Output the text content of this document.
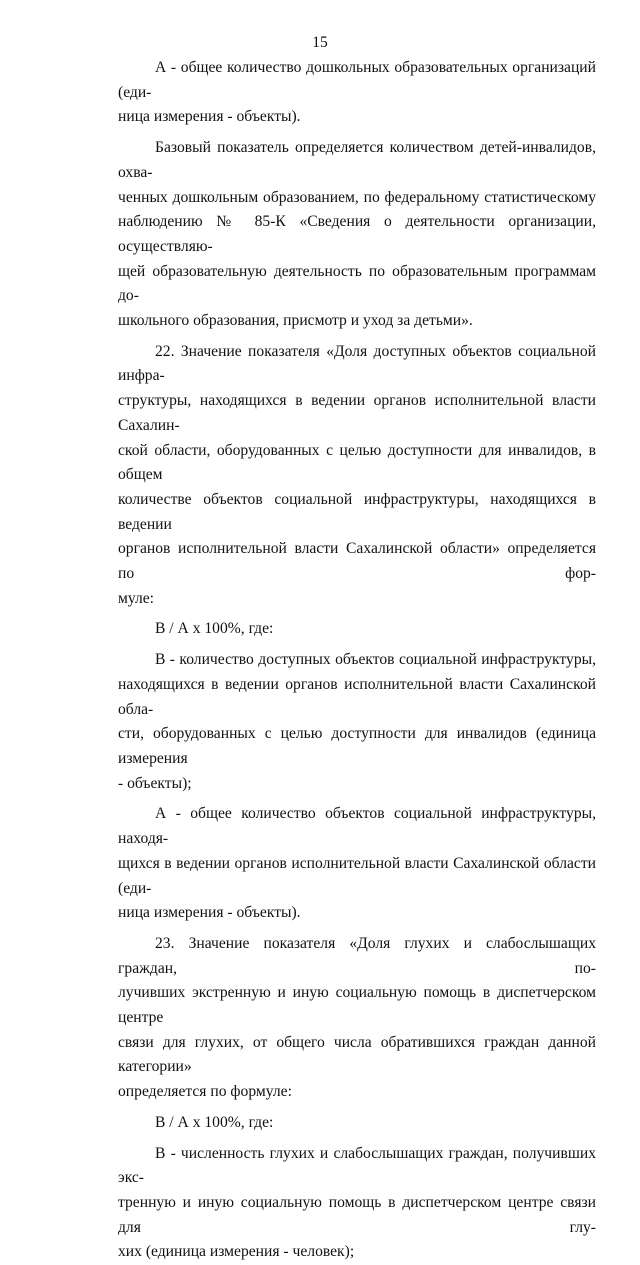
15

А - общее количество дошкольных образовательных организаций (еди-
ница измерения - объекты).

Базовый показатель определяется количеством детей-инвалидов, охва-
ченных дошкольным образованием, по федеральному статистическому
наблюдению № 85-К «Сведения о деятельности организации, осуществляю-
щей образовательную деятельность по образовательным программам до-
школьного образования, присмотр и уход за детьми».

22. Значение показателя «Доля доступных объектов социальной инфра-
структуры, находящихся в ведении органов исполнительной власти Сахалин-
ской области, оборудованных с целью доступности для инвалидов, в общем
количестве объектов социальной инфраструктуры, находящихся в ведении
органов исполнительной власти Сахалинской области» определяется по фор-
муле:

В / А x 100%, где:

В - количество доступных объектов социальной инфраструктуры,
находящихся в ведении органов исполнительной власти Сахалинской обла-
сти, оборудованных с целью доступности для инвалидов (единица измерения
- объекты);

А - общее количество объектов социальной инфраструктуры, находя-
щихся в ведении органов исполнительной власти Сахалинской области (еди-
ница измерения - объекты).

23. Значение показателя «Доля глухих и слабослышащих граждан, по-
лучивших экстренную и иную социальную помощь в диспетчерском центре
связи для глухих, от общего числа обратившихся граждан данной категории»
определяется по формуле:

В / А x 100%, где:

В - численность глухих и слабослышащих граждан, получивших экс-
тренную и иную социальную помощь в диспетчерском центре связи для глу-
хих (единица измерения - человек);
